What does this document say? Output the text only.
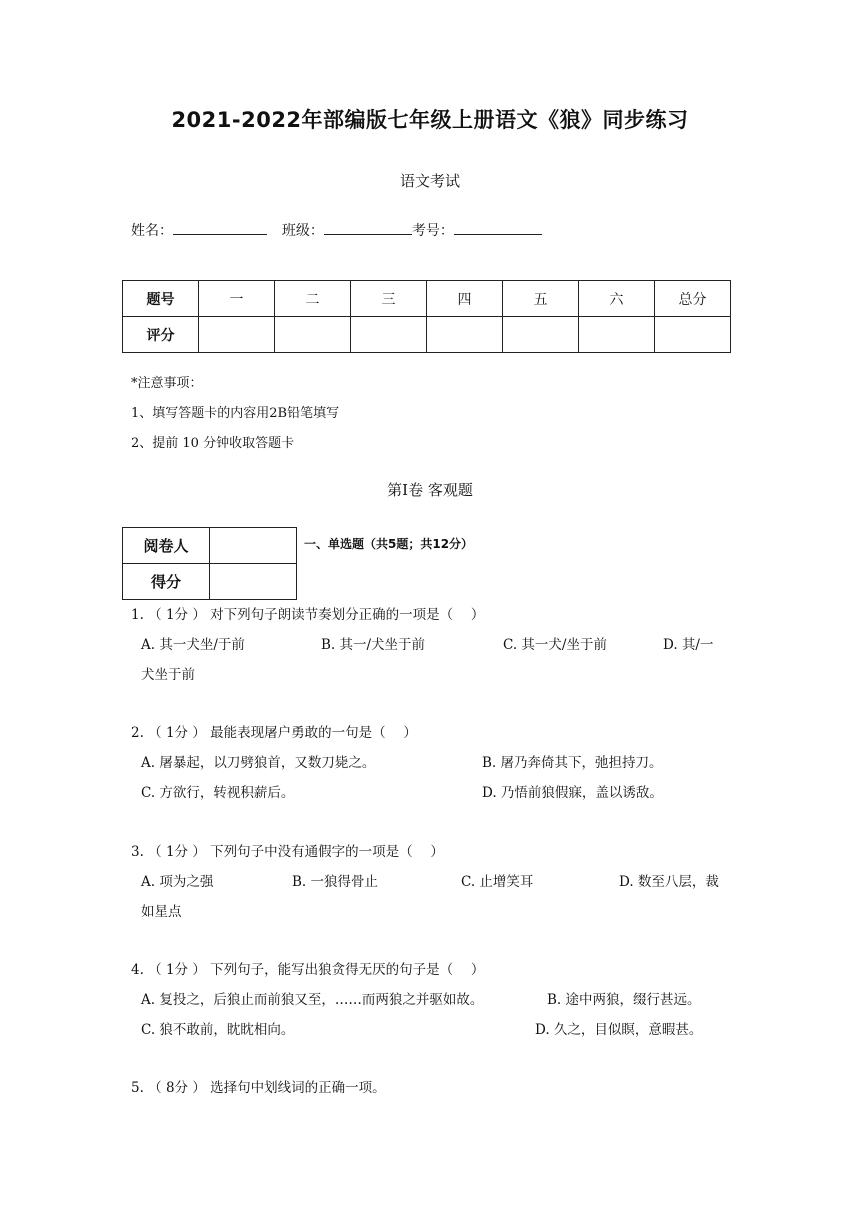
2021-2022年部编版七年级上册语文《狼》同步练习
语文考试
姓名：	班级：	考号：
题号	一	二	三	四	五	六	总分
评分							
*注意事项：
1、填写答题卡的内容用2B铅笔填写
2、提前 10 分钟收取答题卡
第Ⅰ卷 客观题
阅卷人	
得分	
一、单选题（共5题；共12分）
1. （ 1分 ） 对下列句子朗读节奏划分正确的一项是（　 ）
A. 其一犬坐/于前	B. 其一/犬坐于前	C. 其一犬/坐于前	D. 其/一
犬坐于前
2. （ 1分 ） 最能表现屠户勇敢的一句是（　 ）
A. 屠暴起，以刀劈狼首，又数刀毙之。	B. 屠乃奔倚其下，弛担持刀。
C. 方欲行，转视积薪后。	D. 乃悟前狼假寐，盖以诱敌。
3. （ 1分 ） 下列句子中没有通假字的一项是（　 ）
A. 项为之强	B. 一狼得骨止	C. 止增笑耳	D. 数至八层，裁
如星点
4. （ 1分 ） 下列句子，能写出狼贪得无厌的句子是（　 ）
A. 复投之，后狼止而前狼又至，……而两狼之并驱如故。	B. 途中两狼，缀行甚远。
C. 狼不敢前，眈眈相向。	D. 久之，目似瞑，意暇甚。
5. （ 8分 ） 选择句中划线词的正确一项。
